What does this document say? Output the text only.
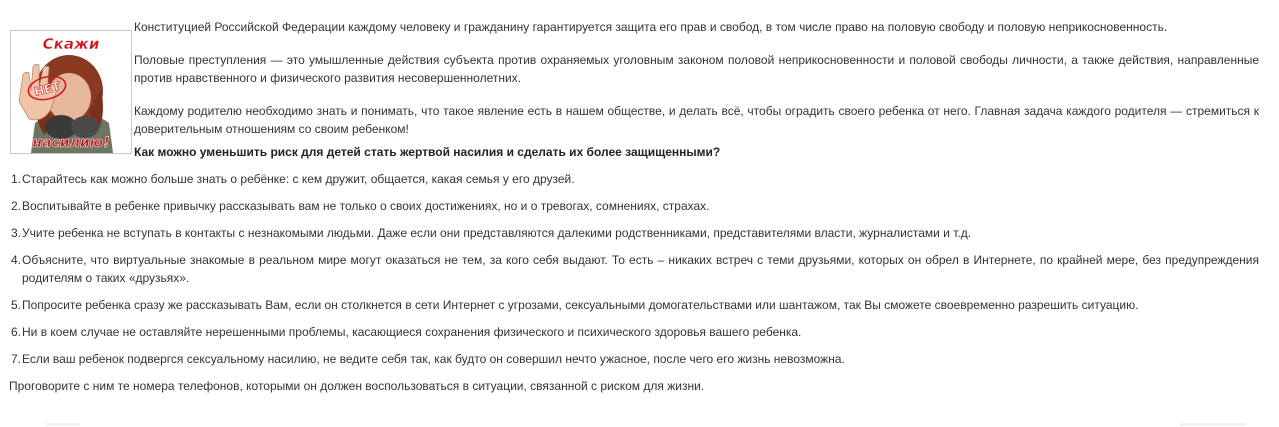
Скажи
НЕТ
насилию!

Конституцией Российской Федерации каждому человеку и гражданину гарантируется защита его прав и свобод, в том числе право на половую свободу и половую неприкосновенность.

Половые преступления — это умышленные действия субъекта против охраняемых уголовным законом половой неприкосновенности и половой свободы личности, а также действия, направленные против нравственного и физического развития несовершеннолетних.

Каждому родителю необходимо знать и понимать, что такое явление есть в нашем обществе, и делать всё, чтобы оградить своего ребенка от него. Главная задача каждого родителя — стремиться к доверительным отношениям со своим ребенком!

Как можно уменьшить риск для детей стать жертвой насилия и сделать их более защищенными?

1. Старайтесь как можно больше знать о ребёнке: с кем дружит, общается, какая семья у его друзей.
2. Воспитывайте в ребенке привычку рассказывать вам не только о своих достижениях, но и о тревогах, сомнениях, страхах.
3. Учите ребенка не вступать в контакты с незнакомыми людьми. Даже если они представляются далекими родственниками, представителями власти, журналистами и т.д.
4. Объясните, что виртуальные знакомые в реальном мире могут оказаться не тем, за кого себя выдают. То есть – никаких встреч с теми друзьями, которых он обрел в Интернете, по крайней мере, без предупреждения родителям о таких «друзьях».
5. Попросите ребенка сразу же рассказывать Вам, если он столкнется в сети Интернет с угрозами, сексуальными домогательствами или шантажом, так Вы сможете своевременно разрешить ситуацию.
6. Ни в коем случае не оставляйте нерешенными проблемы, касающиеся сохранения физического и психического здоровья вашего ребенка.
7. Если ваш ребенок подвергся сексуальному насилию, не ведите себя так, как будто он совершил нечто ужасное, после чего его жизнь невозможна.

Проговорите с ним те номера телефонов, которыми он должен воспользоваться в ситуации, связанной с риском для жизни.
